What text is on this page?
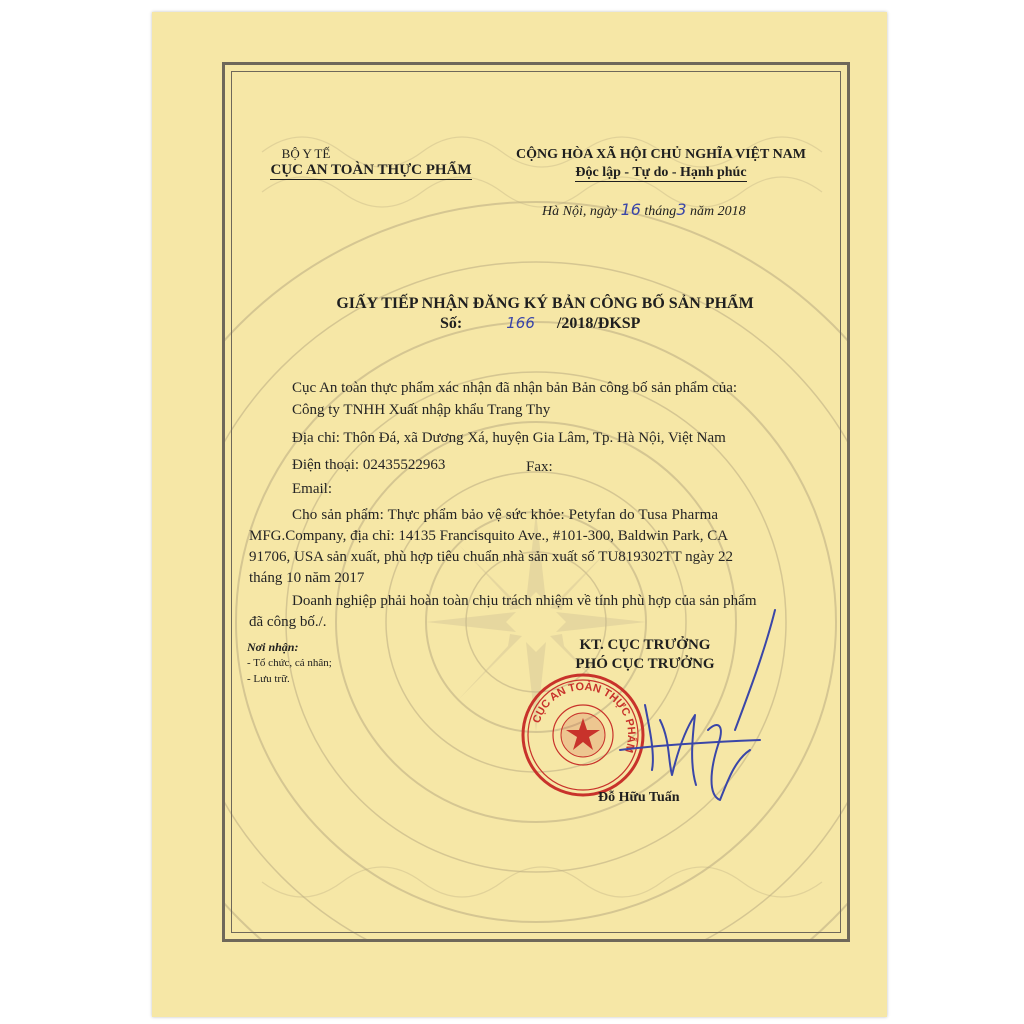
BỘ Y TẾ
CỤC AN TOÀN THỰC PHẨM
CỘNG HÒA XÃ HỘI CHỦ NGHĨA VIỆT NAM
Độc lập - Tự do - Hạnh phúc
Hà Nội, ngày 16 tháng3 năm 2018
GIẤY TIẾP NHẬN ĐĂNG KÝ BẢN CÔNG BỐ SẢN PHẨM
Số:	166 /2018/ĐKSP
Cục An toàn thực phẩm xác nhận đã nhận bản Bản công bố sản phẩm của:
Công ty TNHH Xuất nhập khẩu Trang Thy
Địa chỉ: Thôn Đá, xã Dương Xá, huyện Gia Lâm, Tp. Hà Nội, Việt Nam
Điện thoại: 02435522963	Fax:
Email:
Cho sản phẩm: Thực phẩm bảo vệ sức khỏe: Petyfan do Tusa Pharma
MFG.Company, địa chỉ: 14135 Francisquito Ave., #101-300, Baldwin Park, CA
91706, USA sản xuất, phù hợp tiêu chuẩn nhà sản xuất số TU819302TT ngày 22
tháng 10 năm 2017
Doanh nghiệp phải hoàn toàn chịu trách nhiệm về tính phù hợp của sản phẩm
đã công bố./.
Nơi nhận:
- Tổ chức, cá nhân;
- Lưu trữ.
KT. CỤC TRƯỞNG
PHÓ CỤC TRƯỞNG
CỤC AN TOÀN THỰC PHẨM
Đỗ Hữu Tuấn
